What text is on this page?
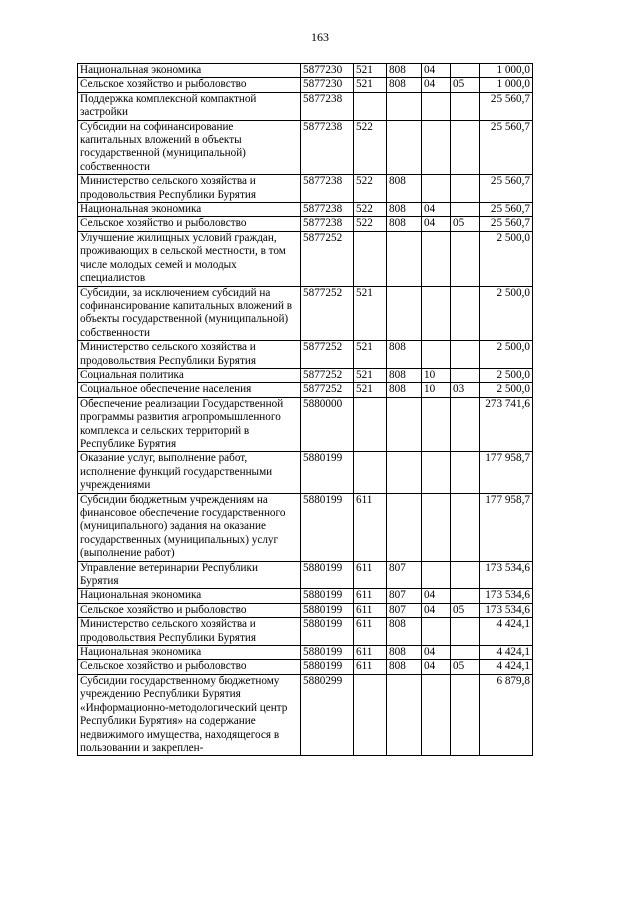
163
Национальная экономика	5877230	521	808	04		1 000,0
Сельское хозяйство и рыболовство	5877230	521	808	04	05	1 000,0
Поддержка комплексной компактной застройки	5877238					25 560,7
Субсидии на софинансирование капитальных вложений в объекты государственной (муниципальной) собственности	5877238	522				25 560,7
Министерство сельского хозяйства и продовольствия Республики Бурятия	5877238	522	808			25 560,7
Национальная экономика	5877238	522	808	04		25 560,7
Сельское хозяйство и рыболовство	5877238	522	808	04	05	25 560,7
Улучшение жилищных условий граждан, проживающих в сельской местности, в том числе молодых семей и молодых специалистов	5877252					2 500,0
Субсидии, за исключением субсидий на софинансирование капитальных вложений в объекты государственной (муниципальной) собственности	5877252	521				2 500,0
Министерство сельского хозяйства и продовольствия Республики Бурятия	5877252	521	808			2 500,0
Социальная политика	5877252	521	808	10		2 500,0
Социальное обеспечение населения	5877252	521	808	10	03	2 500,0
Обеспечение реализации Государственной программы развития агропромышленного комплекса и сельских территорий в Республике Бурятия	5880000					273 741,6
Оказание услуг, выполнение работ, исполнение функций государственными учреждениями	5880199					177 958,7
Субсидии бюджетным учреждениям на финансовое обеспечение государственного (муниципального) задания на оказание государственных (муниципальных) услуг (выполнение работ)	5880199	611				177 958,7
Управление ветеринарии Республики Бурятия	5880199	611	807			173 534,6
Национальная экономика	5880199	611	807	04		173 534,6
Сельское хозяйство и рыболовство	5880199	611	807	04	05	173 534,6
Министерство сельского хозяйства и продовольствия Республики Бурятия	5880199	611	808			4 424,1
Национальная экономика	5880199	611	808	04		4 424,1
Сельское хозяйство и рыболовство	5880199	611	808	04	05	4 424,1
Субсидии государственному бюджетному учреждению Республики Бурятия «Информационно-методологический центр Республики Бурятия» на содержание недвижимого имущества, находящегося в пользовании и закреплен-	5880299					6 879,8
